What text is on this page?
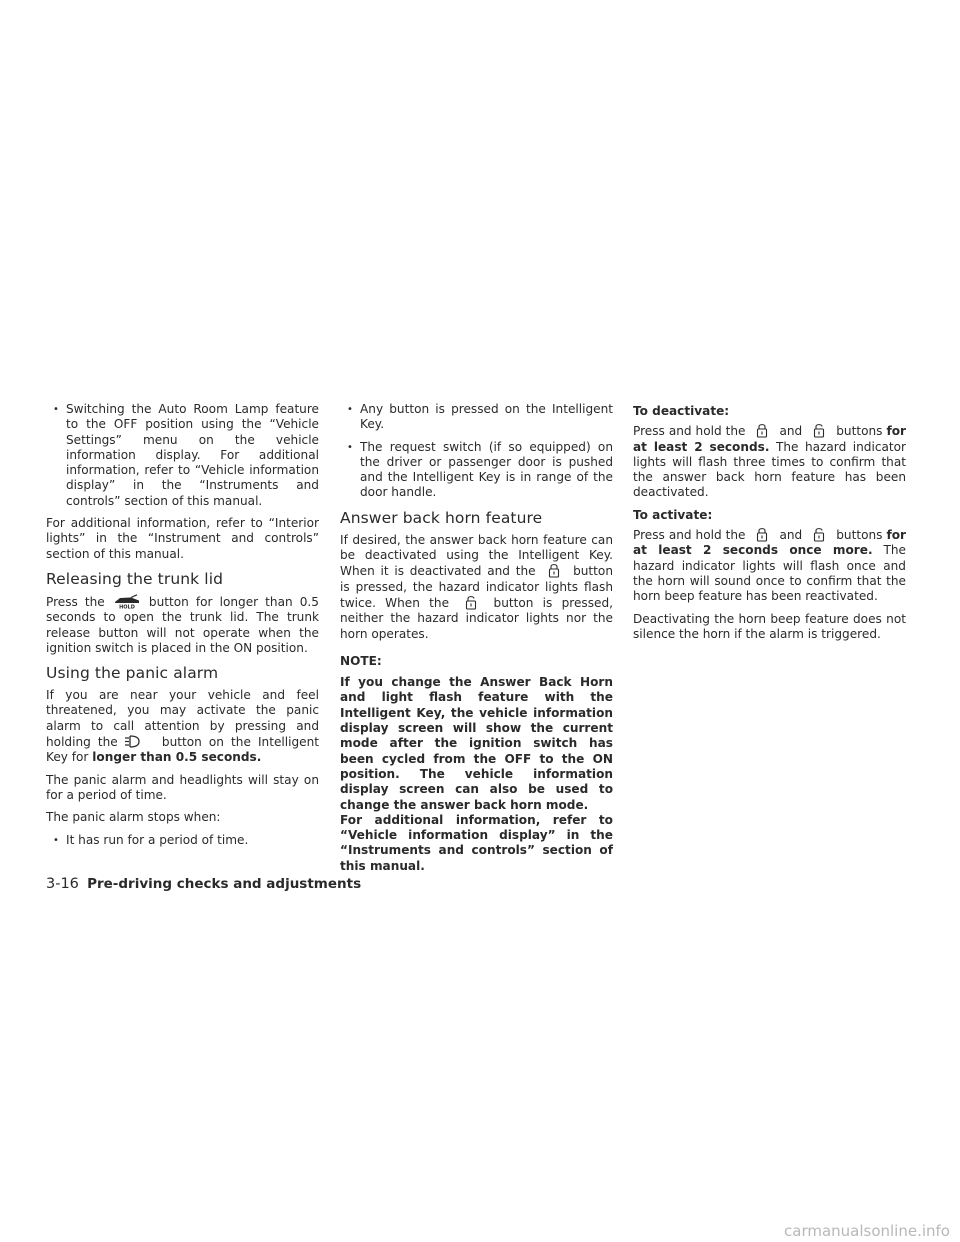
• Switching the Auto Room Lamp feature to the OFF position using the “Vehicle Settings” menu on the vehicle information display. For additional information, refer to “Vehicle information display” in the “Instruments and controls” section of this manual.

For additional information, refer to “Interior lights” in the “Instrument and controls” section of this manual.

Releasing the trunk lid

Press the	HOLD button for longer than 0.5 seconds to open the trunk lid. The trunk release button will not operate when the ignition switch is placed in the ON position.

Using the panic alarm

If you are near your vehicle and feel threatened, you may activate the panic alarm to call attention by pressing and holding the	button on the Intelligent Key for longer than 0.5 seconds.

The panic alarm and headlights will stay on for a period of time.

The panic alarm stops when:

• It has run for a period of time.
• Any button is pressed on the Intelligent Key.
• The request switch (if so equipped) on the driver or passenger door is pushed and the Intelligent Key is in range of the door handle.
Answer back horn feature

If desired, the answer back horn feature can be deactivated using the Intelligent Key. When it is deactivated and the	button is pressed, the hazard indicator lights flash twice. When the	button is pressed, neither the hazard indicator lights nor the horn operates.

NOTE:

If you change the Answer Back Horn and light flash feature with the Intelligent Key, the vehicle information display screen will show the current mode after the ignition switch has been cycled from the OFF to the ON position. The vehicle information display screen can also be used to change the answer back horn mode.

For additional information, refer to “Vehicle information display” in the “Instruments and controls” section of this manual.

To deactivate:

Press and hold the	and	buttons for at least 2 seconds. The hazard indicator lights will flash three times to confirm that the answer back horn feature has been deactivated.

To activate:

Press and hold the	and	buttons for at least 2 seconds once more. The hazard indicator lights will flash once and the horn will sound once to confirm that the horn beep feature has been reactivated.

Deactivating the horn beep feature does not silence the horn if the alarm is triggered.

3-16 Pre-driving checks and adjustments
carmanualsonline.info
